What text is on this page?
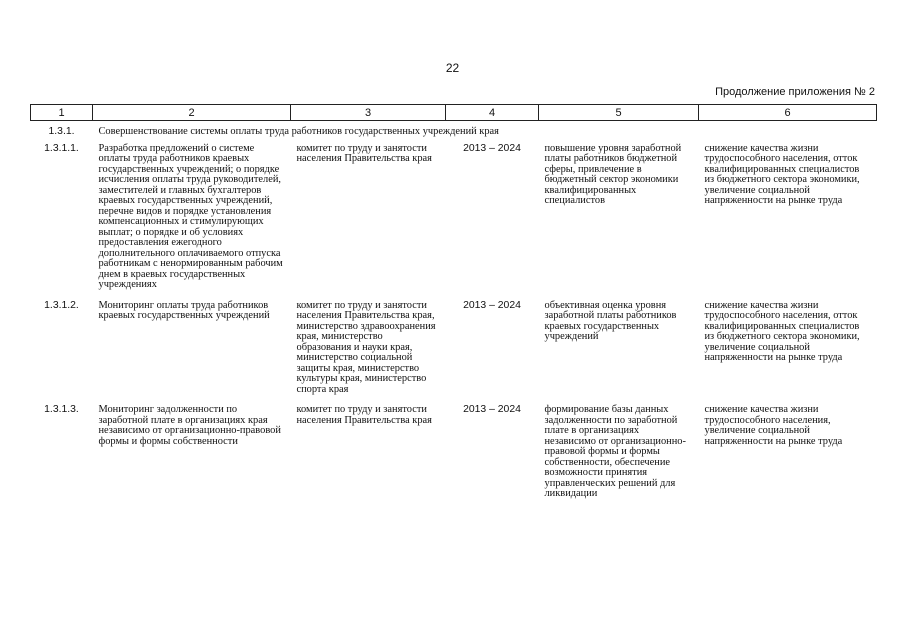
22
Продолжение приложения № 2
1	2	3	4	5	6
1.3.1.	Совершенствование системы оплаты труда работников государственных учреждений края				
1.3.1.1.	Разработка предложений о системе оплаты труда работников краевых государственных учреждений; о порядке исчисления оплаты труда руководителей, заместителей и главных бухгалтеров краевых государственных учреждений, перечне видов и порядке установления компенсационных и стимулирующих выплат; о порядке и об условиях предоставления ежегодного дополнительного оплачиваемого отпуска работникам с ненормированным рабочим днем в краевых государственных учреждениях	комитет по труду и занятости населения Правительства края	2013 – 2024	повышение уровня заработной платы работников бюджетной сферы, привлечение в бюджетный сектор экономики квалифицированных специалистов	снижение качества жизни трудоспособного населения, отток квалифицированных специалистов из бюджетного сектора экономики, увеличение социальной напряженности на рынке труда
1.3.1.2.	Мониторинг оплаты труда работников краевых государственных учреждений	комитет по труду и занятости населения Правительства края, министерство здравоохранения края, министерство образования и науки края, министерство социальной защиты края, министерство культуры края, министерство спорта края	2013 – 2024	объективная оценка уровня заработной платы работников краевых государственных учреждений	снижение качества жизни трудоспособного населения, отток квалифицированных специалистов из бюджетного сектора экономики, увеличение социальной напряженности на рынке труда
1.3.1.3.	Мониторинг задолженности по заработной плате в организациях края независимо от организационно-правовой формы и формы собственности	комитет по труду и занятости населения Правительства края	2013 – 2024	формирование базы данных задолженности по заработной плате в организациях независимо от организационно-правовой формы и формы собственности, обеспечение возможности принятия управленческих решений для ликвидации	снижение качества жизни трудоспособного населения, увеличение социальной напряженности на рынке труда
